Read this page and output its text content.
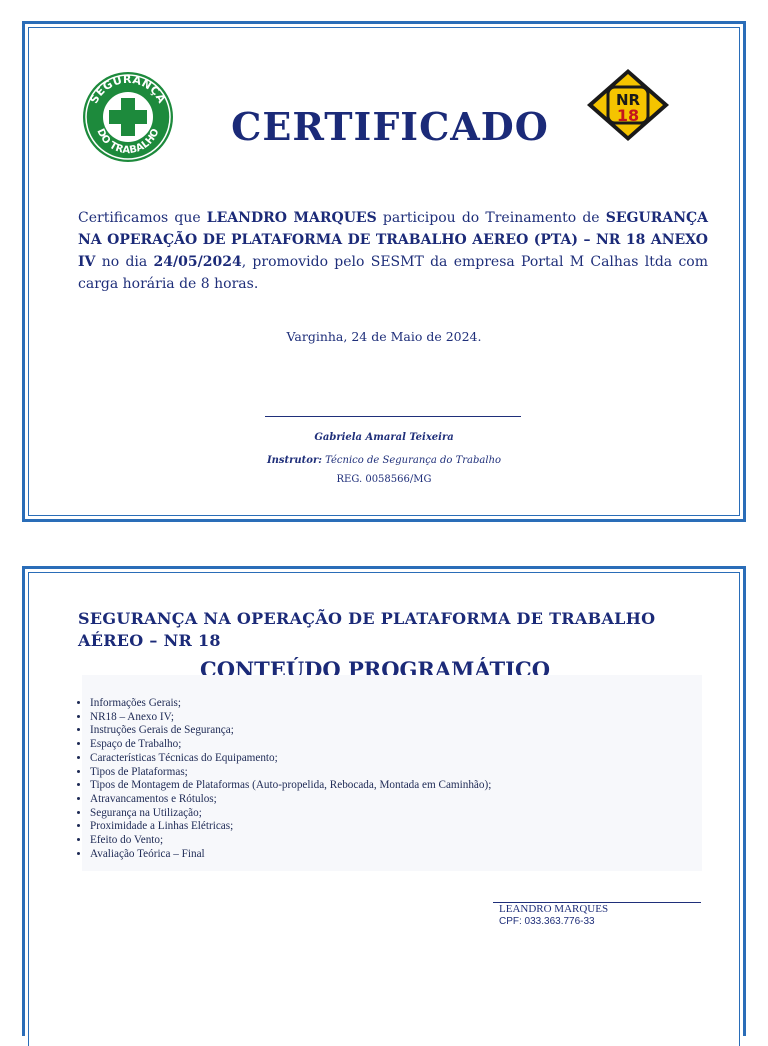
SEGURANÇA
DO TRABALHO
NR
18
CERTIFICADO
Certificamos que LEANDRO MARQUES participou do Treinamento de SEGURANÇA NA OPERAÇÃO DE PLATAFORMA DE TRABALHO AEREO (PTA) – NR 18 ANEXO IV no dia 24/05/2024, promovido pelo SESMT da empresa Portal M Calhas ltda com carga horária de 8 horas.
Varginha, 24 de Maio de 2024.
Gabriela Amaral Teixeira
Instrutor: Técnico de Segurança do Trabalho
REG. 0058566/MG
SEGURANÇA NA OPERAÇÃO DE PLATAFORMA DE TRABALHO AÉREO – NR 18
CONTEÚDO PROGRAMÁTICO
• Informações Gerais;
• NR18 – Anexo IV;
• Instruções Gerais de Segurança;
• Espaço de Trabalho;
• Características Técnicas do Equipamento;
• Tipos de Plataformas;
• Tipos de Montagem de Plataformas (Auto-propelida, Rebocada, Montada em Caminhão);
• Atravancamentos e Rótulos;
• Segurança na Utilização;
• Proximidade a Linhas Elétricas;
• Efeito do Vento;
• Avaliação Teórica – Final
LEANDRO MARQUES
CPF: 033.363.776-33
